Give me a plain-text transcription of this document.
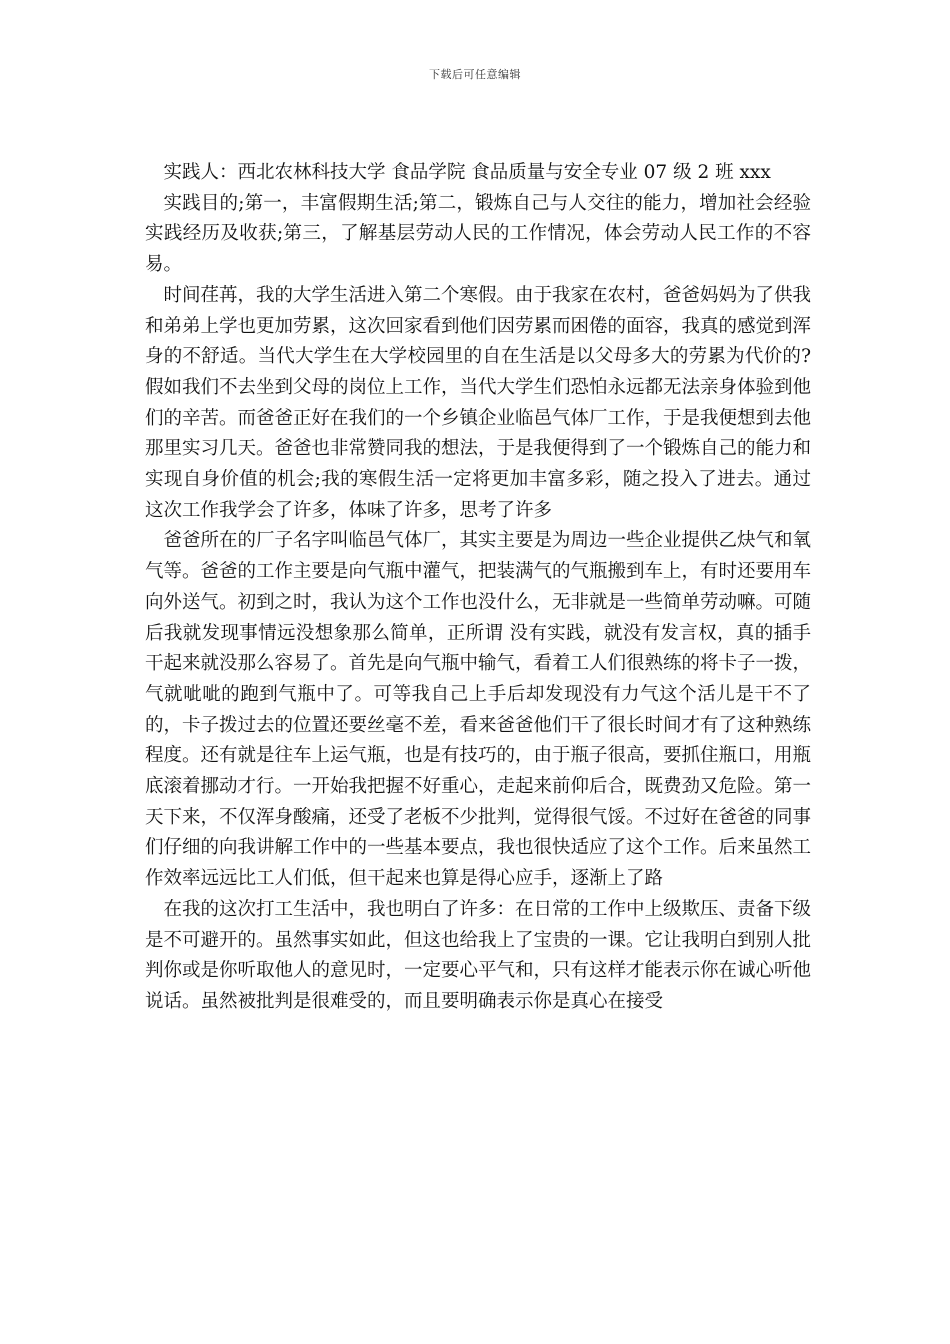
下载后可任意编辑

实践人：西北农林科技大学 食品学院 食品质量与安全专业 07 级 2 班 xxx

实践目的;第一，丰富假期生活;第二，锻炼自己与人交往的能力，增加社会经验实践经历及收获;第三，了解基层劳动人民的工作情况，体会劳动人民工作的不容易。

时间荏苒，我的大学生活进入第二个寒假。由于我家在农村，爸爸妈妈为了供我和弟弟上学也更加劳累，这次回家看到他们因劳累而困倦的面容，我真的感觉到浑身的不舒适。当代大学生在大学校园里的自在生活是以父母多大的劳累为代价的?假如我们不去坐到父母的岗位上工作，当代大学生们恐怕永远都无法亲身体验到他们的辛苦。而爸爸正好在我们的一个乡镇企业临邑气体厂工作，于是我便想到去他那里实习几天。爸爸也非常赞同我的想法，于是我便得到了一个锻炼自己的能力和实现自身价值的机会;我的寒假生活一定将更加丰富多彩，随之投入了进去。通过这次工作我学会了许多，体味了许多，思考了许多

爸爸所在的厂子名字叫临邑气体厂，其实主要是为周边一些企业提供乙炔气和氧气等。爸爸的工作主要是向气瓶中灌气，把装满气的气瓶搬到车上，有时还要用车向外送气。初到之时，我认为这个工作也没什么，无非就是一些简单劳动嘛。可随后我就发现事情远没想象那么简单，正所谓 没有实践，就没有发言权，真的插手干起来就没那么容易了。首先是向气瓶中输气，看着工人们很熟练的将卡子一拨，气就呲呲的跑到气瓶中了。可等我自己上手后却发现没有力气这个活儿是干不了的，卡子拨过去的位置还要丝毫不差，看来爸爸他们干了很长时间才有了这种熟练程度。还有就是往车上运气瓶，也是有技巧的，由于瓶子很高，要抓住瓶口，用瓶底滚着挪动才行。一开始我把握不好重心，走起来前仰后合，既费劲又危险。第一天下来，不仅浑身酸痛，还受了老板不少批判，觉得很气馁。不过好在爸爸的同事们仔细的向我讲解工作中的一些基本要点，我也很快适应了这个工作。后来虽然工作效率远远比工人们低，但干起来也算是得心应手，逐渐上了路

在我的这次打工生活中，我也明白了许多：在日常的工作中上级欺压、责备下级是不可避开的。虽然事实如此，但这也给我上了宝贵的一课。它让我明白到别人批判你或是你听取他人的意见时，一定要心平气和，只有这样才能表示你在诚心听他说话。虽然被批判是很难受的，而且要明确表示你是真心在接受
